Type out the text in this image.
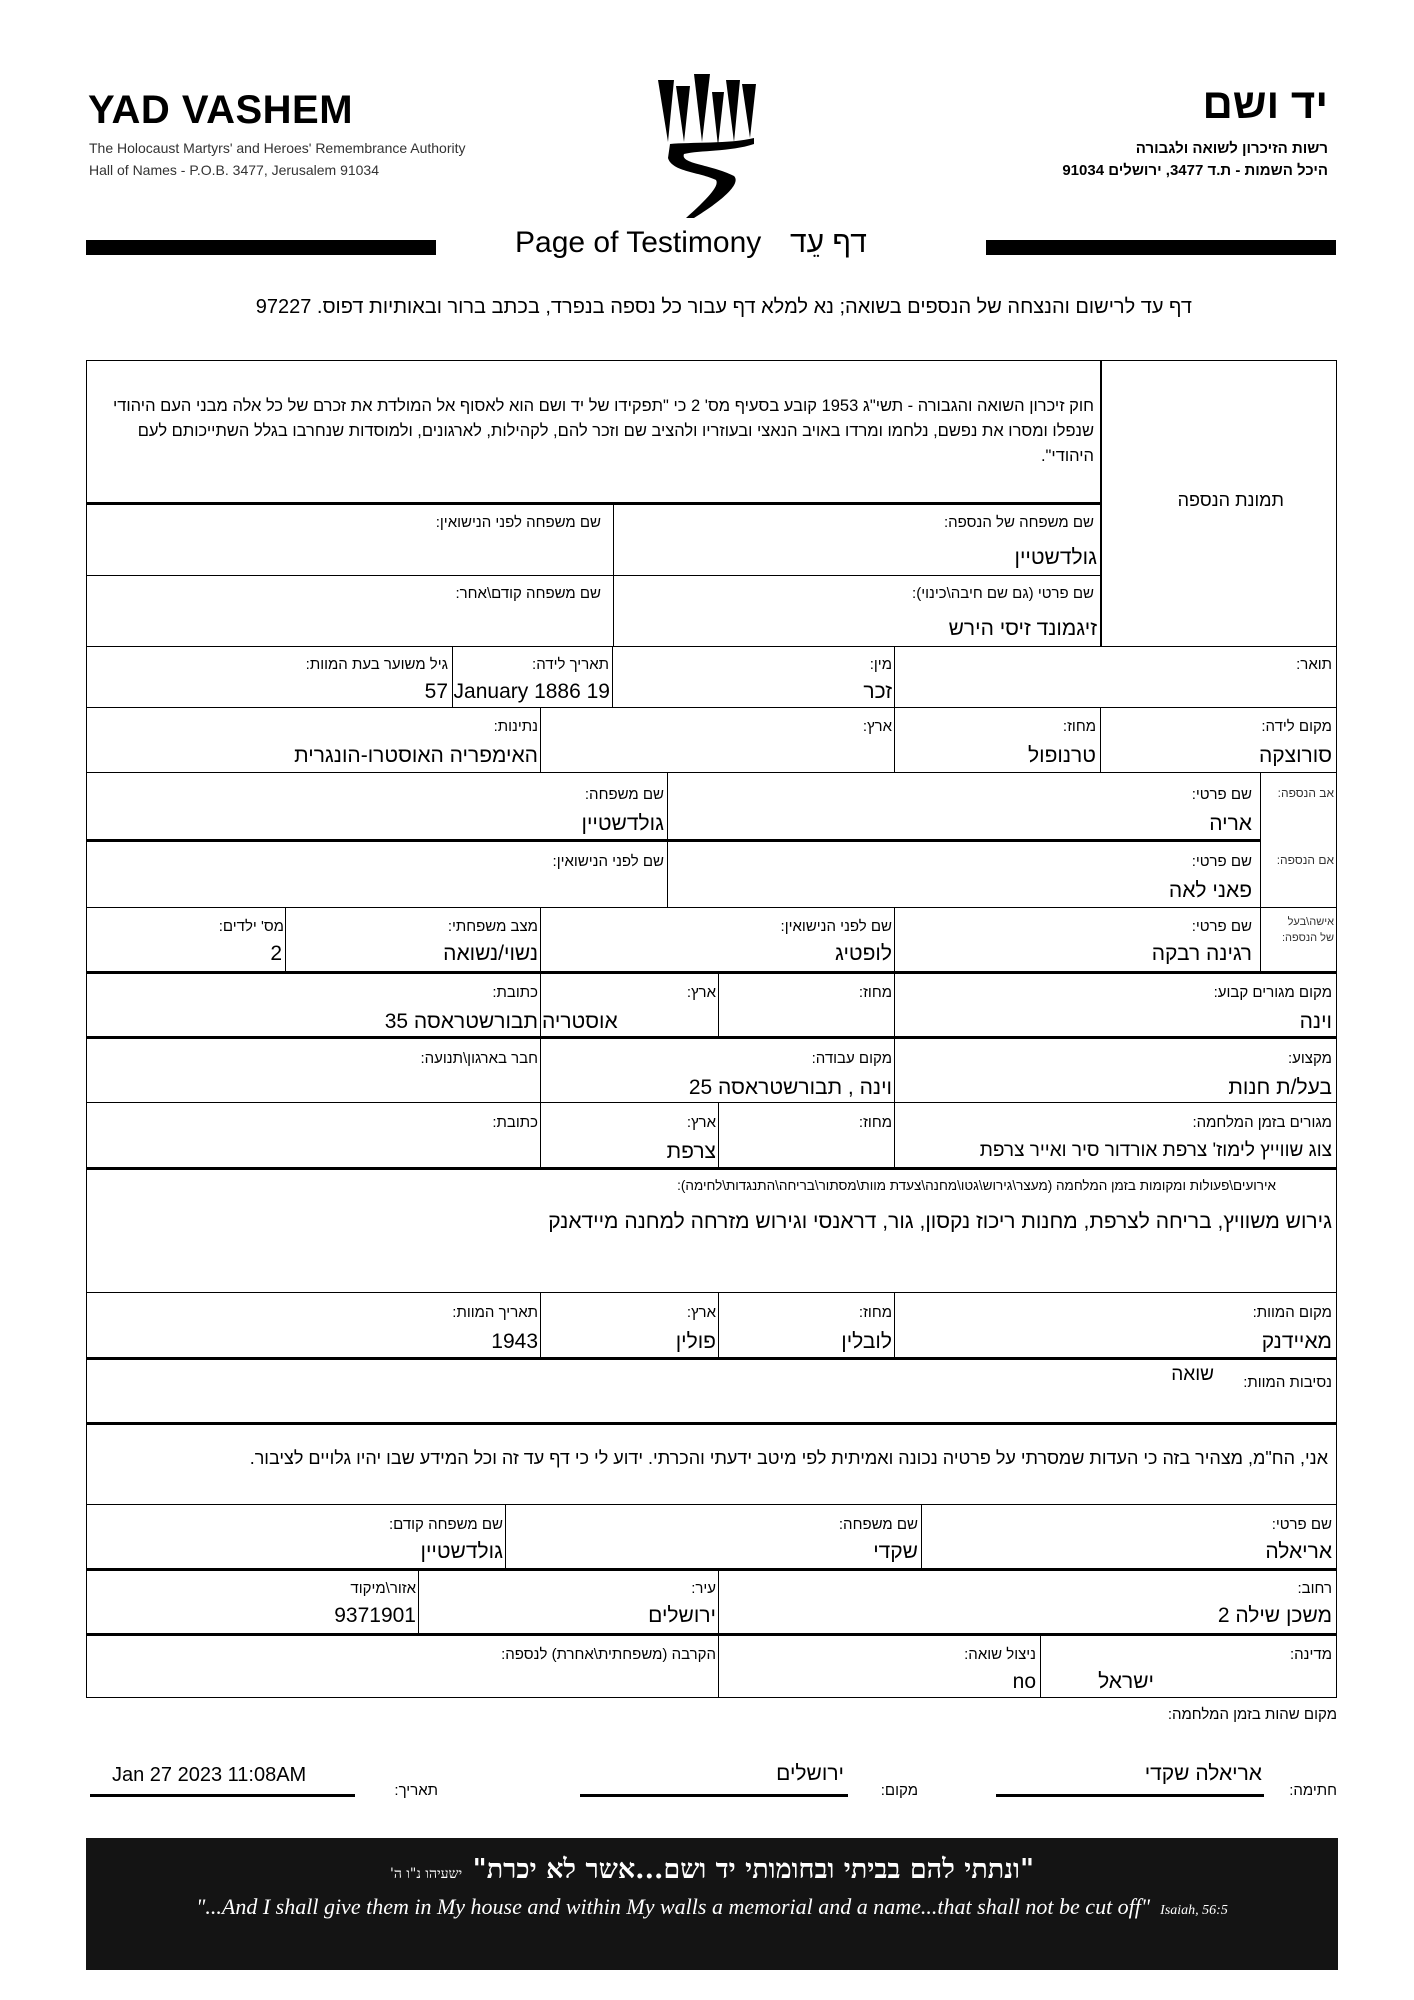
YAD VASHEM
The Holocaust Martyrs' and Heroes' Remembrance Authority
Hall of Names - P.O.B. 3477, Jerusalem 91034
יד ושם
רשות הזיכרון לשואה ולגבורה
היכל השמות - ת.ד 3477, ירושלים 91034
Page of Testimony דף עֵד
דף עד לרישום והנצחה של הנספים בשואה; נא למלא דף עבור כל נספה בנפרד, בכתב ברור ובאותיות דפוס. 97227
חוק זיכרון השואה והגבורה - תשי"ג 1953 קובע בסעיף מס' 2 כי "תפקידו של יד ושם הוא לאסוף אל המולדת את זכרם של כל אלה מבני העם היהודי שנפלו ומסרו את נפשם, נלחמו ומרדו באויב הנאצי ובעוזריו ולהציב שם וזכר להם, לקהילות, לארגונים, ולמוסדות שנחרבו בגלל השתייכותם לעם היהודי".
תמונת הנספה
שם משפחה של הנספה:
גולדשטיין
שם משפחה לפני הנישואין:
שם פרטי (גם שם חיבה\כינוי):
זיגמונד זיסי הירש
שם משפחה קודם\אחר:
תואר:
מין:
זכר
תאריך לידה:
January 1886 19
גיל משוער בעת המוות:
57
מקום לידה:
סורוצקה
מחוז:
טרנופול
ארץ:
נתינות:
האימפריה האוסטרו-הונגרית
אב הנספה:
שם פרטי:
אריה
שם משפחה:
גולדשטיין
אם הנספה:
שם פרטי:
פאני לאה
שם לפני הנישואין:
אישה\בעל
של הנספה:
שם פרטי:
רגינה רבקה
שם לפני הנישואין:
לופטיג
מצב משפחתי:
נשוי/נשואה
מס' ילדים:
2
מקום מגורים קבוע:
וינה
מחוז:
ארץ:
אוסטריה
כתובת:
תבורשטראסה 35
מקצוע:
בעל/ת חנות
מקום עבודה:
וינה , תבורשטראסה 25
חבר בארגון\תנועה:
מגורים בזמן המלחמה:
צוג שווייץ לימוז' צרפת אורדור סיר ואייר צרפת
מחוז:
ארץ:
צרפת
כתובת:
אירועים\פעולות ומקומות בזמן המלחמה (מעצר\גירוש\גטו\מחנה\צעדת מוות\מסתור\בריחה\התנגדות\לחימה):
גירוש משוויץ, בריחה לצרפת, מחנות ריכוז נקסון, גור, דראנסי וגירוש מזרחה למחנה מיידאנק
מקום המוות:
מאיידנק
מחוז:
לובלין
ארץ:
פולין
תאריך המוות:
1943
נסיבות המוות:
שואה
אני, הח"מ, מצהיר בזה כי העדות שמסרתי על פרטיה נכונה ואמיתית לפי מיטב ידעתי והכרתי. ידוע לי כי דף עד זה וכל המידע שבו יהיו גלויים לציבור.
שם פרטי:
אריאלה
שם משפחה:
שקדי
שם משפחה קודם:
גולדשטיין
רחוב:
משכן שילה 2
עיר:
ירושלים
אזור\מיקוד
9371901
מדינה:
ישראל
ניצול שואה:
no
הקרבה (משפחתית\אחרת) לנספה:
מקום שהות בזמן המלחמה:
חתימה:
אריאלה שקדי
מקום:
ירושלים
תאריך:
Jan 27 2023 11:08AM
"ונתתי להם בביתי ובחומותי יד ושם...אשר לא יכרת" ישעיהו נ"ו ה'
"...And I shall give them in My house and within My walls a memorial and a name...that shall not be cut off" Isaiah, 56:5
